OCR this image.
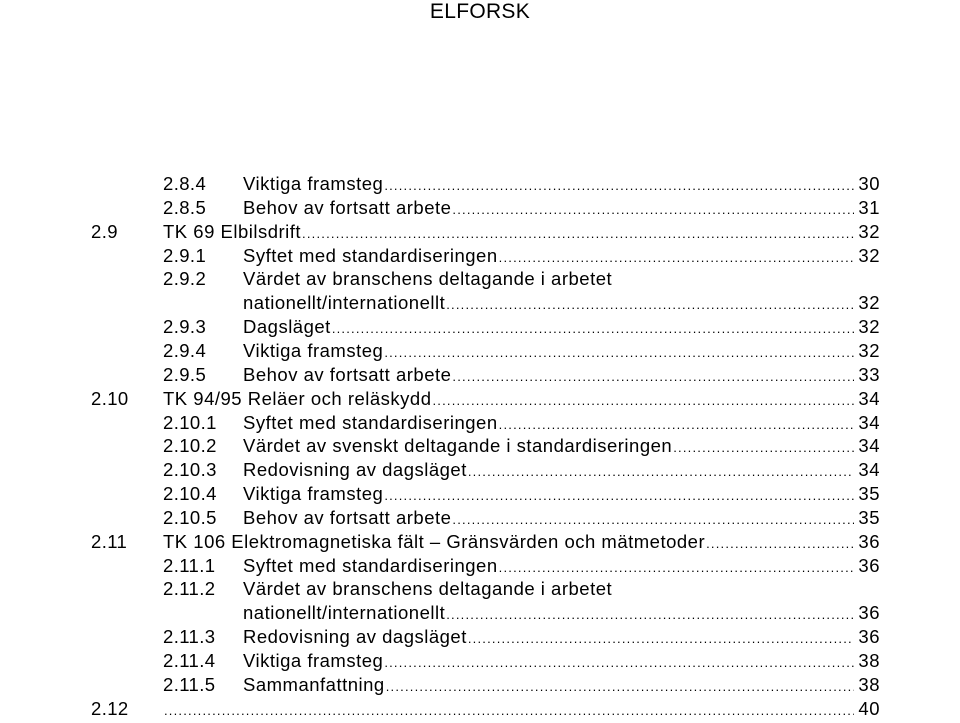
ELFORSK
2.8.4 Viktiga framsteg .....	30
2.8.5 Behov av fortsatt arbete .....	31
2.9 TK 69 Elbilsdrift .....	32
2.9.1 Syftet med standardiseringen .....	32
2.9.2 Värdet av branschens deltagande i arbetet
nationellt/internationellt .....	32
2.9.3 Dagsläget .....	32
2.9.4 Viktiga framsteg .....	32
2.9.5 Behov av fortsatt arbete .....	33
2.10 TK 94/95 Reläer och reläskydd .....	34
2.10.1 Syftet med standardiseringen .....	34
2.10.2 Värdet av svenskt deltagande i standardiseringen .....	34
2.10.3 Redovisning av dagsläget .....	34
2.10.4 Viktiga framsteg .....	35
2.10.5 Behov av fortsatt arbete .....	35
2.11 TK 106 Elektromagnetiska fält – Gränsvärden och mätmetoder .....	36
2.11.1 Syftet med standardiseringen .....	36
2.11.2 Värdet av branschens deltagande i arbetet
nationellt/internationellt .....	36
2.11.3 Redovisning av dagsläget .....	36
2.11.4 Viktiga framsteg .....	38
2.11.5 Sammanfattning .....	38
2.12 .....	40
